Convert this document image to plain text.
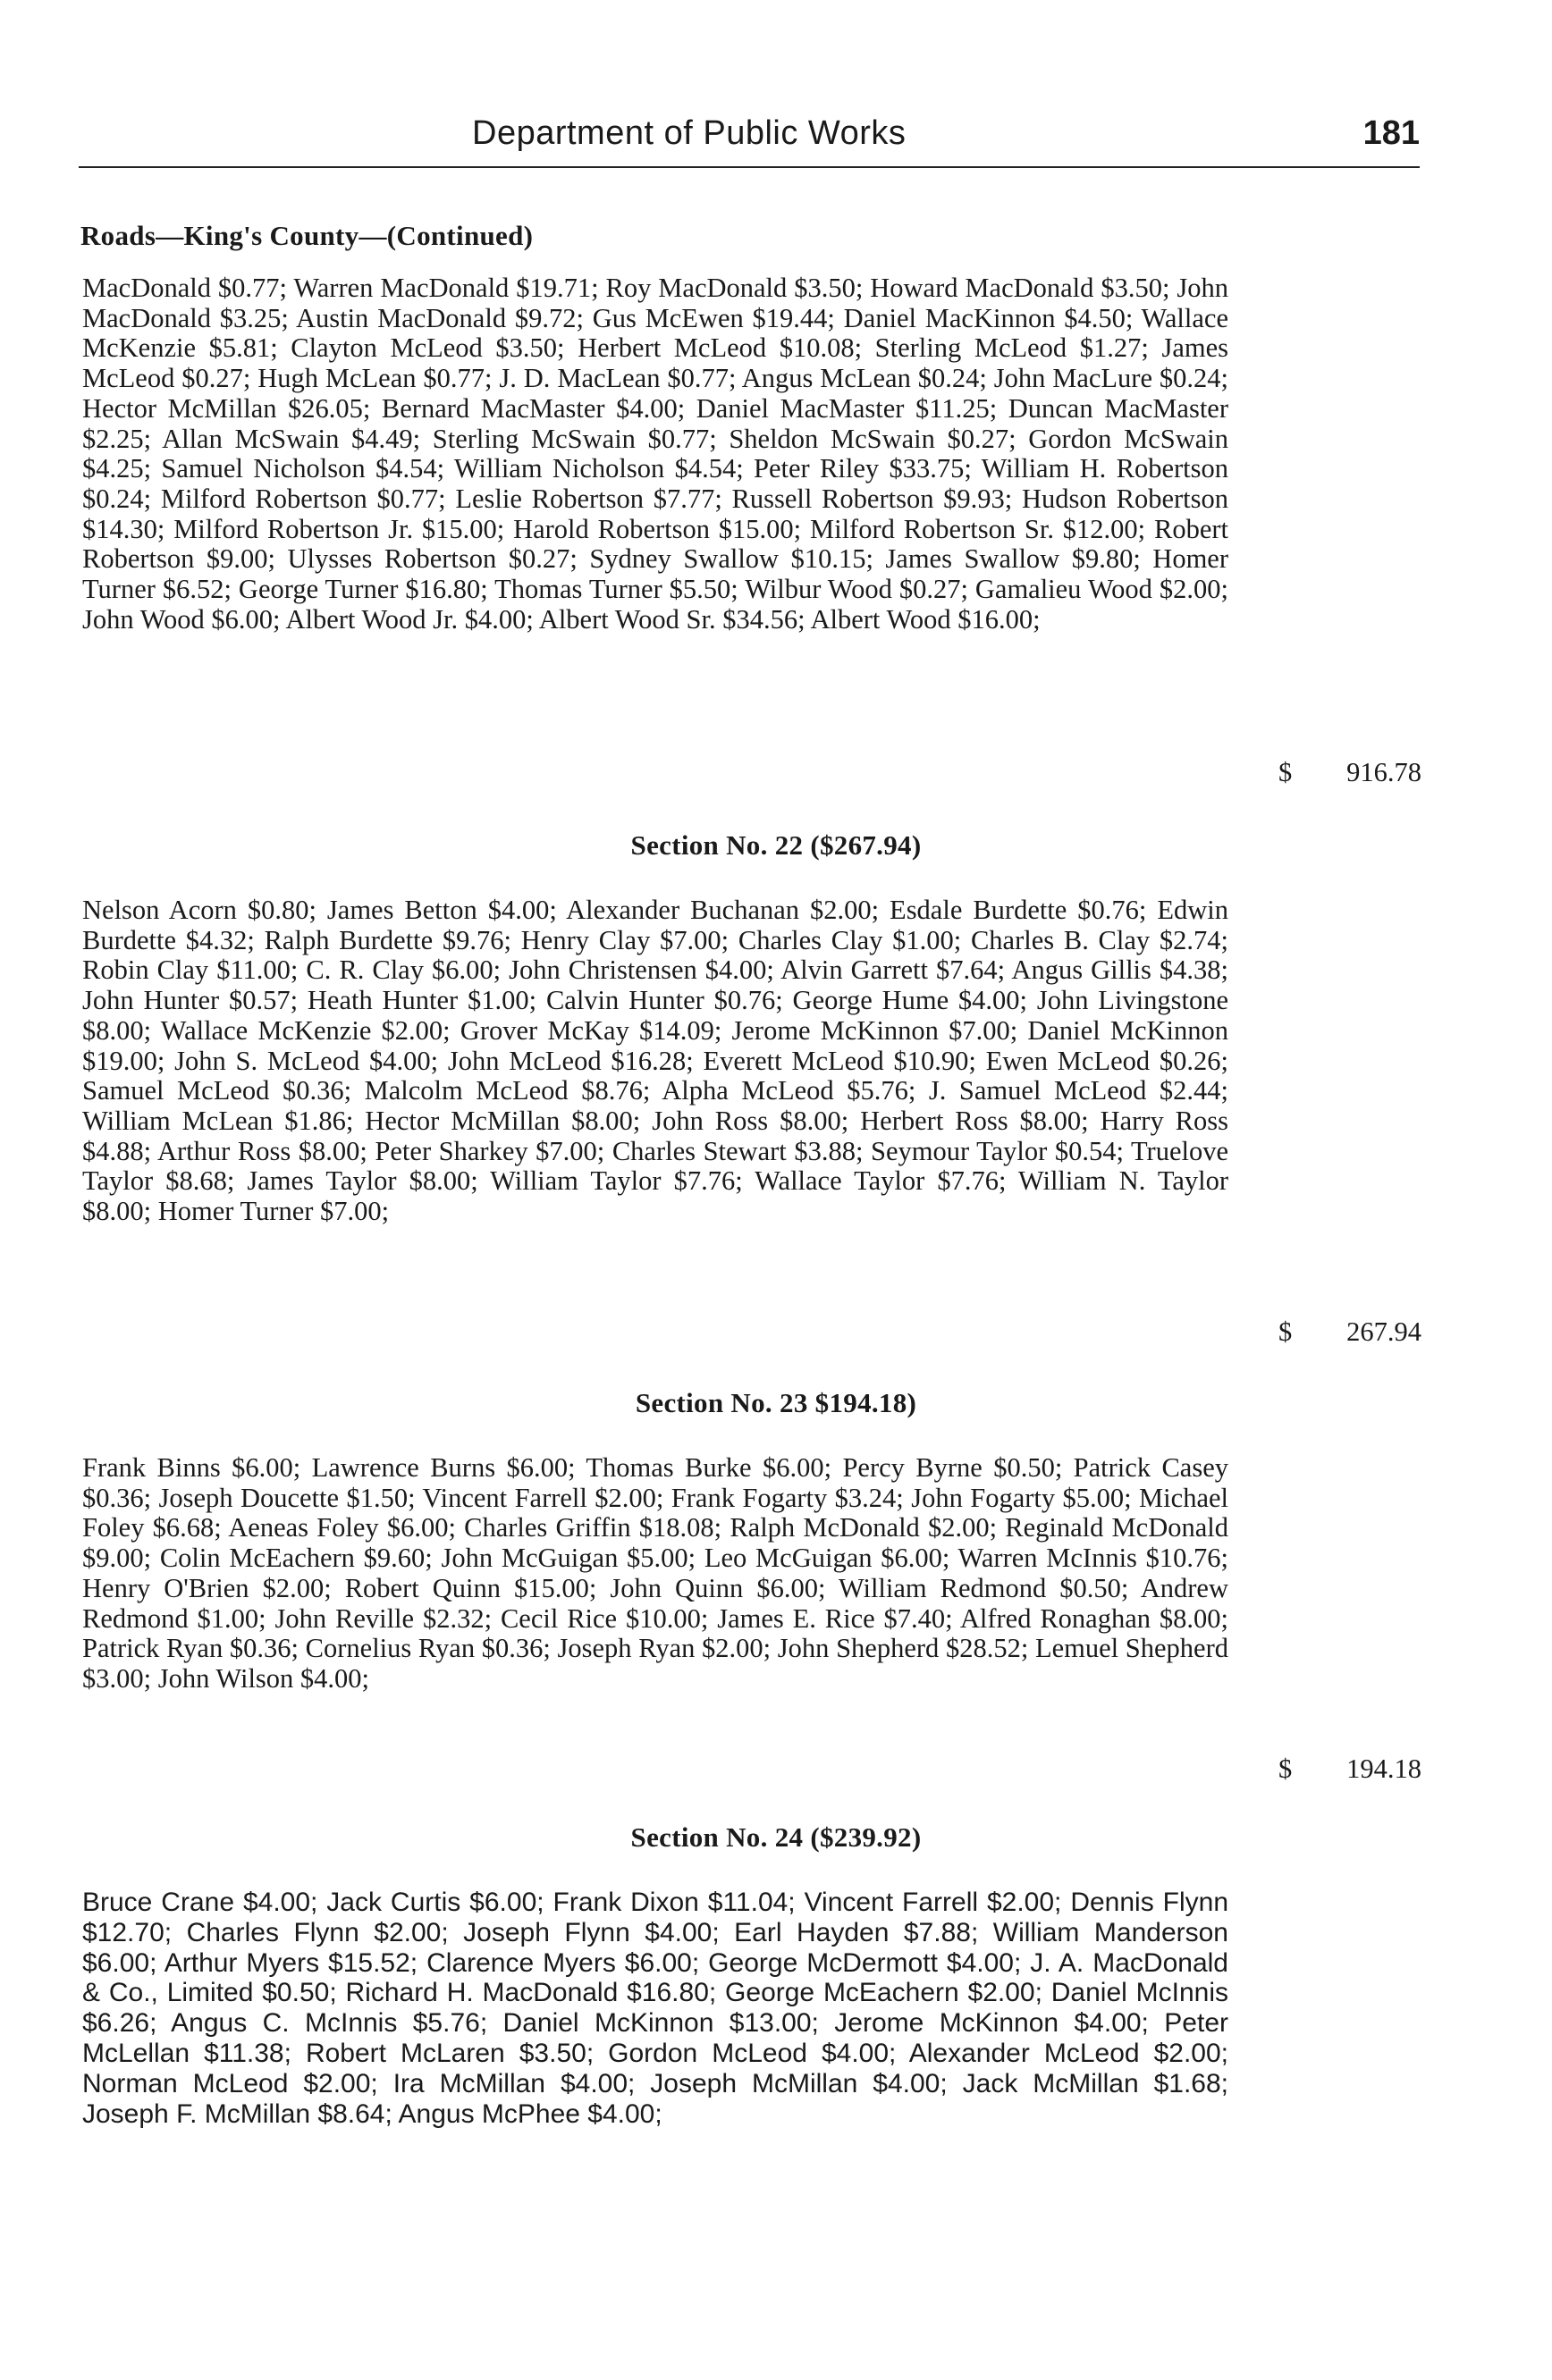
Department of Public Works	181
Roads—King's County—(Continued)

MacDonald $0.77; Warren MacDonald $19.71; Roy MacDonald $3.50; Howard MacDonald $3.50; John MacDonald $3.25; Austin MacDonald $9.72; Gus McEwen $19.44; Daniel MacKinnon $4.50; Wallace McKenzie $5.81; Clayton McLeod $3.50; Herbert McLeod $10.08; Sterling McLeod $1.27; James McLeod $0.27; Hugh McLean $0.77; J. D. MacLean $0.77; Angus McLean $0.24; John MacLure $0.24; Hector McMillan $26.05; Bernard MacMaster $4.00; Daniel MacMaster $11.25; Duncan MacMaster $2.25; Allan McSwain $4.49; Sterling McSwain $0.77; Sheldon McSwain $0.27; Gordon McSwain $4.25; Samuel Nicholson $4.54; William Nicholson $4.54; Peter Riley $33.75; William H. Robertson $0.24; Milford Robertson $0.77; Leslie Robertson $7.77; Russell Robertson $9.93; Hudson Robertson $14.30; Milford Robertson Jr. $15.00; Harold Robertson $15.00; Milford Robertson Sr. $12.00; Robert Robertson $9.00; Ulysses Robertson $0.27; Sydney Swallow $10.15; James Swallow $9.80; Homer Turner $6.52; George Turner $16.80; Thomas Turner $5.50; Wilbur Wood $0.27; Gamalieu Wood $2.00; John Wood $6.00; Albert Wood Jr. $4.00; Albert Wood Sr. $34.56; Albert Wood $16.00;

$ 916.78
Section No. 22 ($267.94)

Nelson Acorn $0.80; James Betton $4.00; Alexander Buchanan $2.00; Esdale Burdette $0.76; Edwin Burdette $4.32; Ralph Burdette $9.76; Henry Clay $7.00; Charles Clay $1.00; Charles B. Clay $2.74; Robin Clay $11.00; C. R. Clay $6.00; John Christensen $4.00; Alvin Garrett $7.64; Angus Gillis $4.38; John Hunter $0.57; Heath Hunter $1.00; Calvin Hunter $0.76; George Hume $4.00; John Livingstone $8.00; Wallace McKenzie $2.00; Grover McKay $14.09; Jerome McKinnon $7.00; Daniel McKinnon $19.00; John S. McLeod $4.00; John McLeod $16.28; Everett McLeod $10.90; Ewen McLeod $0.26; Samuel McLeod $0.36; Malcolm McLeod $8.76; Alpha McLeod $5.76; J. Samuel McLeod $2.44; William McLean $1.86; Hector McMillan $8.00; John Ross $8.00; Herbert Ross $8.00; Harry Ross $4.88; Arthur Ross $8.00; Peter Sharkey $7.00; Charles Stewart $3.88; Seymour Taylor $0.54; Truelove Taylor $8.68; James Taylor $8.00; William Taylor $7.76; Wallace Taylor $7.76; William N. Taylor $8.00; Homer Turner $7.00;

$ 267.94
Section No. 23 $194.18)

Frank Binns $6.00; Lawrence Burns $6.00; Thomas Burke $6.00; Percy Byrne $0.50; Patrick Casey $0.36; Joseph Doucette $1.50; Vincent Farrell $2.00; Frank Fogarty $3.24; John Fogarty $5.00; Michael Foley $6.68; Aeneas Foley $6.00; Charles Griffin $18.08; Ralph McDonald $2.00; Reginald McDonald $9.00; Colin McEachern $9.60; John McGuigan $5.00; Leo McGuigan $6.00; Warren McInnis $10.76; Henry O'Brien $2.00; Robert Quinn $15.00; John Quinn $6.00; William Redmond $0.50; Andrew Redmond $1.00; John Reville $2.32; Cecil Rice $10.00; James E. Rice $7.40; Alfred Ronaghan $8.00; Patrick Ryan $0.36; Cornelius Ryan $0.36; Joseph Ryan $2.00; John Shepherd $28.52; Lemuel Shepherd $3.00; John Wilson $4.00;

$ 194.18
Section No. 24 ($239.92)

Bruce Crane $4.00; Jack Curtis $6.00; Frank Dixon $11.04; Vincent Farrell $2.00; Dennis Flynn $12.70; Charles Flynn $2.00; Joseph Flynn $4.00; Earl Hayden $7.88; William Manderson $6.00; Arthur Myers $15.52; Clarence Myers $6.00; George McDermott $4.00; J. A. MacDonald & Co., Limited $0.50; Richard H. MacDonald $16.80; George McEachern $2.00; Daniel McInnis $6.26; Angus C. McInnis $5.76; Daniel McKinnon $13.00; Jerome McKinnon $4.00; Peter McLellan $11.38; Robert McLaren $3.50; Gordon McLeod $4.00; Alexander McLeod $2.00; Norman McLeod $2.00; Ira McMillan $4.00; Joseph McMillan $4.00; Jack McMillan $1.68; Joseph F. McMillan $8.64; Angus McPhee $4.00;
